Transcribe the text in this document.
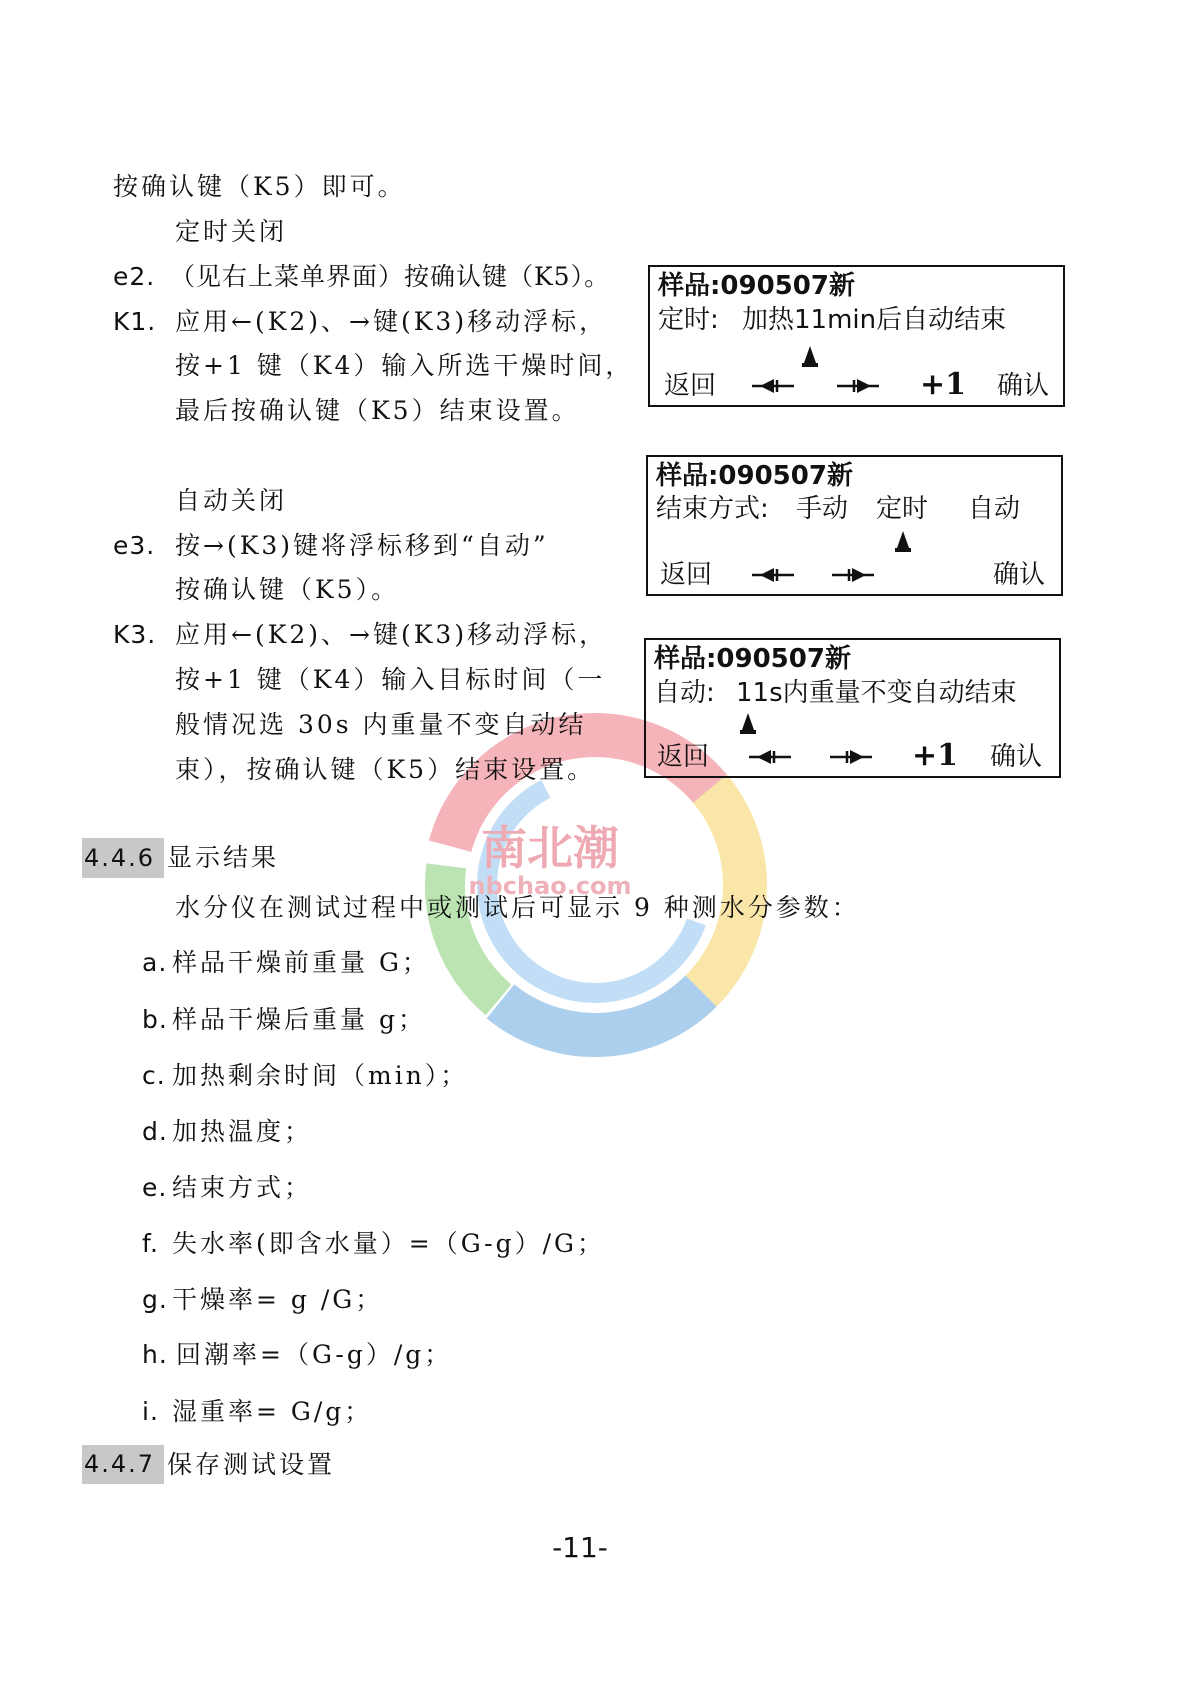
南北潮
nbchao.com
按确认键（K5）即可。
定时关闭
e2. （见右上菜单界面）按确认键（K5）。
K1. 应用←(K2)、→键(K3)移动浮标，
按+1 键（K4）输入所选干燥时间，
最后按确认键（K5）结束设置。
自动关闭
e3. 按→(K3)键将浮标移到“自动”
按确认键（K5）。
K3. 应用←(K2)、→键(K3)移动浮标，
按+1 键（K4）输入目标时间（一
般情况选 30s 内重量不变自动结
束），按确认键（K5）结束设置。
样品:090507新
定时: 加热11min后自动结束
返回	+1 确认
样品:090507新
结束方式: 手动 定时 自动
返回	确认
样品:090507新
自动: 11s内重量不变自动结束
返回	+1 确认
4.4.6 显示结果
水分仪在测试过程中或测试后可显示 9 种测水分参数：
a. 样品干燥前重量 G；
b. 样品干燥后重量 g；
c. 加热剩余时间（min）；
d. 加热温度；
e. 结束方式；
f. 失水率(即含水量）=（G-g）/G；
g. 干燥率= g /G；
h. 回潮率=（G-g）/g；
i. 湿重率= G/g；
4.4.7 保存测试设置
-11-
